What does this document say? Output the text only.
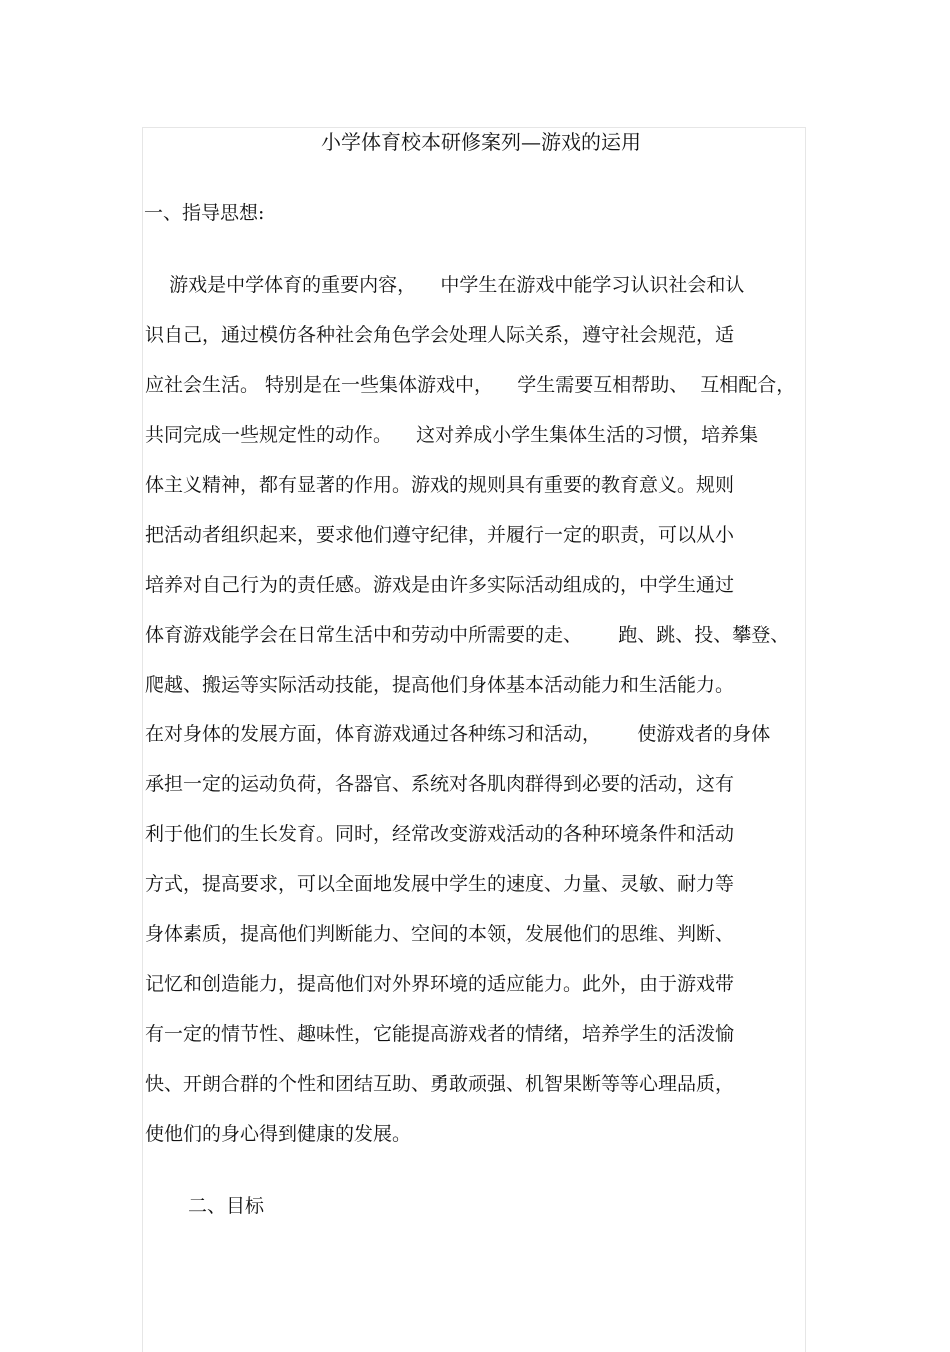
小学体育校本研修案列—游戏的运用
一、指导思想:
游戏是中学体育的重要内容，    中学生在游戏中能学习认识社会和认
识自己，通过模仿各种社会角色学会处理人际关系，遵守社会规范，适
应社会生活。 特别是在一些集体游戏中，    学生需要互相帮助、  互相配合，
共同完成一些规定性的动作。    这对养成小学生集体生活的习惯，培养集
体主义精神，都有显著的作用。游戏的规则具有重要的教育意义。规则
把活动者组织起来，要求他们遵守纪律，并履行一定的职责，可以从小
培养对自己行为的责任感。游戏是由许多实际活动组成的，中学生通过
体育游戏能学会在日常生活中和劳动中所需要的走、      跑、跳、投、攀登、
爬越、搬运等实际活动技能，提高他们身体基本活动能力和生活能力。
在对身体的发展方面，体育游戏通过各种练习和活动，      使游戏者的身体
承担一定的运动负荷，各器官、系统对各肌肉群得到必要的活动，这有
利于他们的生长发育。同时，经常改变游戏活动的各种环境条件和活动
方式，提高要求，可以全面地发展中学生的速度、力量、灵敏、耐力等
身体素质，提高他们判断能力、空间的本领，发展他们的思维、判断、
记忆和创造能力，提高他们对外界环境的适应能力。此外，由于游戏带
有一定的情节性、趣味性，它能提高游戏者的情绪，培养学生的活泼愉
快、开朗合群的个性和团结互助、勇敢顽强、机智果断等等心理品质，
使他们的身心得到健康的发展。
二、目标
